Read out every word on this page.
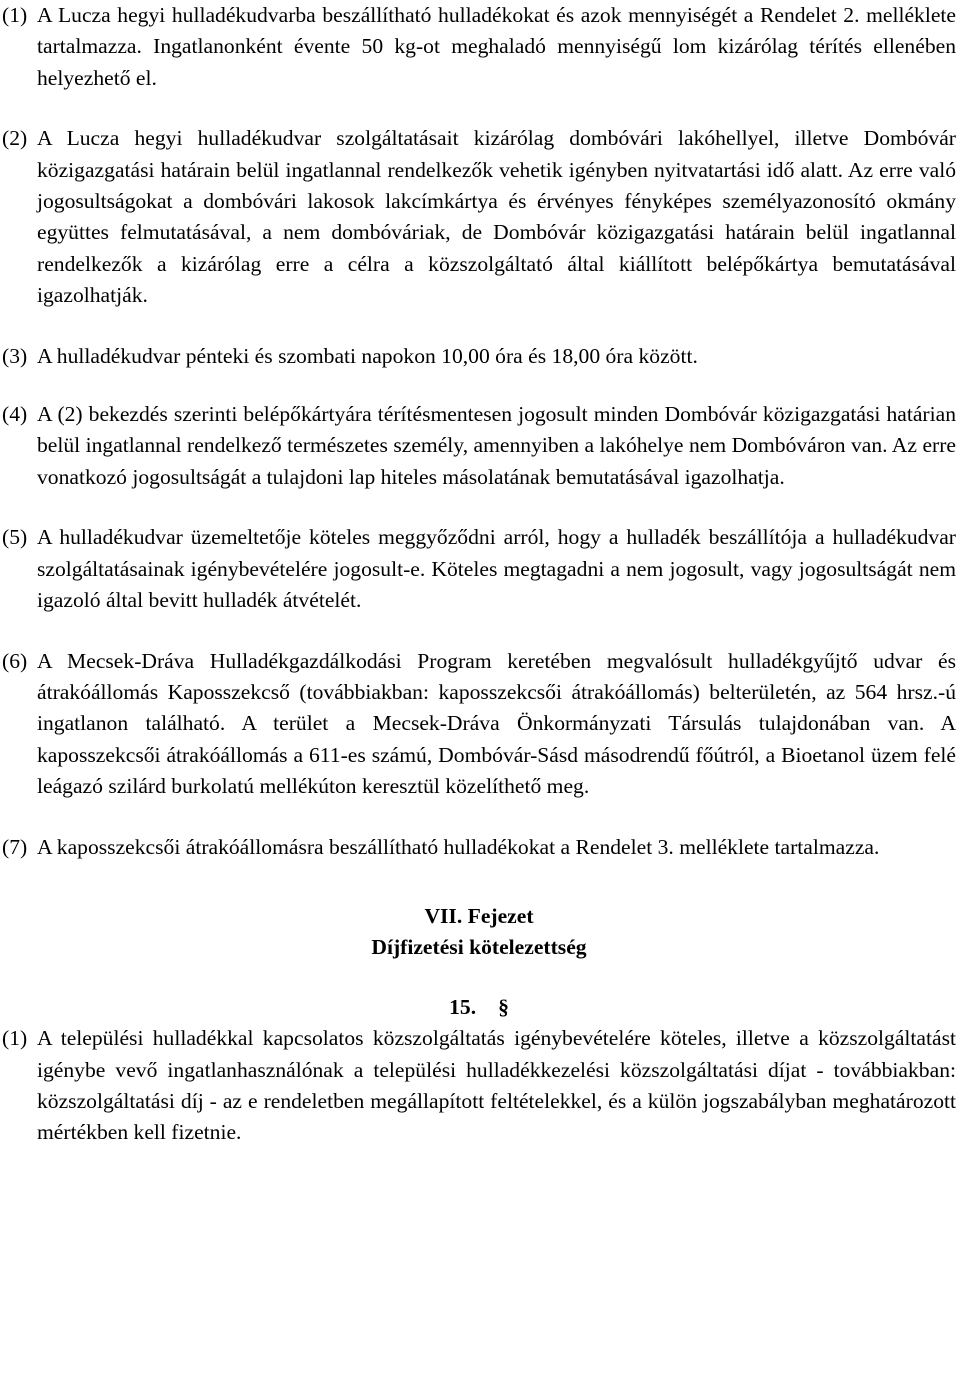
(1) A Lucza hegyi hulladékudvarba beszállítható hulladékokat és azok mennyiségét a Rendelet 2. melléklete tartalmazza. Ingatlanonként évente 50 kg-ot meghaladó mennyiségű lom kizárólag térítés ellenében helyezhető el.

(2) A Lucza hegyi hulladékudvar szolgáltatásait kizárólag dombóvári lakóhellyel, illetve Dombóvár közigazgatási határain belül ingatlannal rendelkezők vehetik igényben nyitvatartási idő alatt. Az erre való jogosultságokat a dombóvári lakosok lakcímkártya és érvényes fényképes személyazonosító okmány együttes felmutatásával, a nem dombóváriak, de Dombóvár közigazgatási határain belül ingatlannal rendelkezők a kizárólag erre a célra a közszolgáltató által kiállított belépőkártya bemutatásával igazolhatják.

(3) A hulladékudvar pénteki és szombati napokon 10,00 óra és 18,00 óra között.

(4) A (2) bekezdés szerinti belépőkártyára térítésmentesen jogosult minden Dombóvár közigazgatási határian belül ingatlannal rendelkező természetes személy, amennyiben a lakóhelye nem Dombóváron van. Az erre vonatkozó jogosultságát a tulajdoni lap hiteles másolatának bemutatásával igazolhatja.

(5) A hulladékudvar üzemeltetője köteles meggyőződni arról, hogy a hulladék beszállítója a hulladékudvar szolgáltatásainak igénybevételére jogosult-e. Köteles megtagadni a nem jogosult, vagy jogosultságát nem igazoló által bevitt hulladék átvételét.

(6) A Mecsek-Dráva Hulladékgazdálkodási Program keretében megvalósult hulladékgyűjtő udvar és átrakóállomás Kaposszekcső (továbbiakban: kaposszekcsői átrakóállomás) belterületén, az 564 hrsz.-ú ingatlanon található. A terület a Mecsek-Dráva Önkormányzati Társulás tulajdonában van. A kaposszekcsői átrakóállomás a 611-es számú, Dombóvár-Sásd másodrendű főútról, a Bioetanol üzem felé leágazó szilárd burkolatú mellékúton keresztül közelíthető meg.

(7) A kaposszekcsői átrakóállomásra beszállítható hulladékokat a Rendelet 3. melléklete tartalmazza.

VII. Fejezet

Díjfizetési kötelezettség

15. §

(1) A települési hulladékkal kapcsolatos közszolgáltatás igénybevételére köteles, illetve a közszolgáltatást igénybe vevő ingatlanhasználónak a települési hulladékkezelési közszolgáltatási díjat - továbbiakban: közszolgáltatási díj - az e rendeletben megállapított feltételekkel, és a külön jogszabályban meghatározott mértékben kell fizetnie.
